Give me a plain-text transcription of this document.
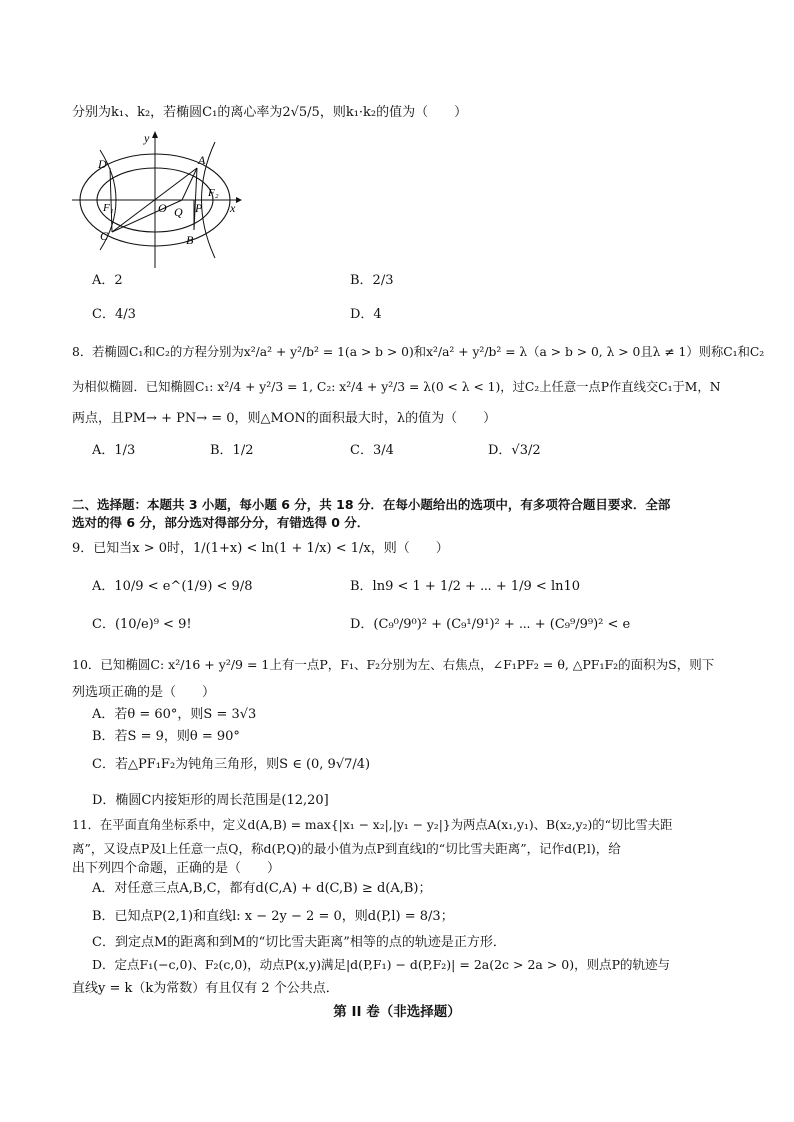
分别为k₁、k₂，若椭圆C₁的离心率为2√5/5，则k₁·k₂的值为（　　）
y
x
D	A
F₁	O Q P
F₂
C	B
A．2	B．2/3
C．4/3	D．4
8．若椭圆C₁和C₂的方程分别为x²/a² + y²/b² = 1(a > b > 0)和x²/a² + y²/b² = λ（a > b > 0, λ > 0且λ ≠ 1）则称C₁和C₂
为相似椭圆．已知椭圆C₁: x²/4 + y²/3 = 1, C₂: x²/4 + y²/3 = λ(0 < λ < 1)，过C₂上任意一点P作直线交C₁于M，N
两点，且PM→ + PN→ = 0，则△MON的面积最大时，λ的值为（　　）
A．1/3	B．1/2	C．3/4	D．√3/2
二、选择题：本题共 3 小题，每小题 6 分，共 18 分．在每小题给出的选项中，有多项符合题目要求．全部
选对的得 6 分，部分选对得部分分，有错选得 0 分．
9．已知当x > 0时，1/(1+x) < ln(1 + 1/x) < 1/x，则（　　）
A．10/9 < e^(1/9) < 9/8	B．ln9 < 1 + 1/2 + ⋯ + 1/9 < ln10
C．(10/e)⁹ < 9!	D．(C₉⁰/9⁰)² + (C₉¹/9¹)² + ⋯ + (C₉⁹/9⁹)² < e
10．已知椭圆C: x²/16 + y²/9 = 1上有一点P，F₁、F₂分别为左、右焦点，∠F₁PF₂ = θ, △PF₁F₂的面积为S，则下
列选项正确的是（　　）
A．若θ = 60°，则S = 3√3
B．若S = 9，则θ = 90°
C．若△PF₁F₂为钝角三角形，则S ∈ (0, 9√7/4)
D．椭圆C内接矩形的周长范围是(12,20]
11．在平面直角坐标系中，定义d(A,B) = max{|x₁ − x₂|,|y₁ − y₂|}为两点A(x₁,y₁)、B(x₂,y₂)的“切比雪夫距
离”，又设点P及l上任意一点Q，称d(P,Q)的最小值为点P到直线l的“切比雪夫距离”，记作d(P,l)，给
出下列四个命题，正确的是（　　）
A．对任意三点A,B,C，都有d(C,A) + d(C,B) ≥ d(A,B)；
B．已知点P(2,1)和直线l: x − 2y − 2 = 0，则d(P,l) = 8/3；
C．到定点M的距离和到M的“切比雪夫距离”相等的点的轨迹是正方形．
D．定点F₁(−c,0)、F₂(c,0)，动点P(x,y)满足|d(P,F₁) − d(P,F₂)| = 2a(2c > 2a > 0)，则点P的轨迹与
直线y = k（k为常数）有且仅有 2 个公共点．
第 II 卷（非选择题）
